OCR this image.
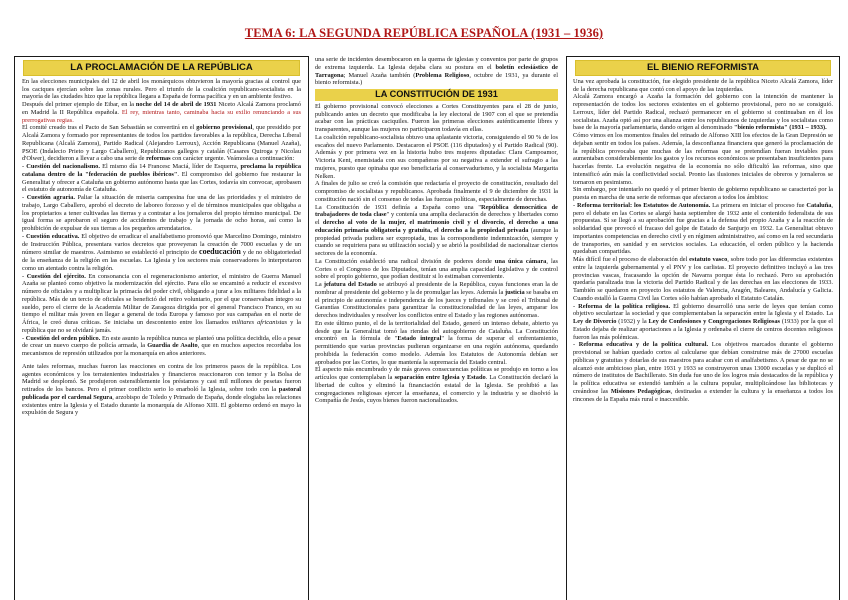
TEMA 6: LA SEGUNDA REPÚBLICA ESPAÑOLA (1931 – 1936)
LA PROCLAMACIÓN DE LA REPÚBLICA

En las elecciones municipales del 12 de abril los monárquicos obtuvieron la mayoría gracias al control que los caciques ejercían sobre las zonas rurales. Pero el triunfo de la coalición republicano-socialista en la mayoría de las ciudades hizo que la república llegara a España de forma pacífica y en un ambiente festivo.

Después del primer ejemplo de Eibar, en la noche del 14 de abril de 1931 Niceto Alcalá Zamora proclamó en Madrid la II República española. El rey, mientras tanto, caminaba hacia su exilio renunciando a sus prerrogativas regias.

El comité creado tras el Pacto de San Sebastián se convertirá en el gobierno provisional, que presidido por Alcalá Zamora y formado por representantes de todos los partidos favorables a la república, Derecha Liberal Republicana (Alcalá Zamora), Partido Radical (Alejandro Lerroux), Acción Republicana (Manuel Azaña), PSOE (Indalecio Prieto y Largo Caballero), Republicanos gallegos y catalán (Casares Quiroga y Nicolau d'Olwer), decidieron a llevar a cabo una serie de reformas con carácter urgente. Veámoslas a continuación:

- Cuestión del nacionalismo. El mismo día 14 Francesc Maciá, líder de Esquerra, proclama la república catalana dentro de la "federación de pueblos ibéricos". El compromiso del gobierno fue restaurar la Generalitat y ofrecer a Cataluña un gobierno autónomo hasta que las Cortes, todavía sin convocar, aprobasen el estatuto de autonomía de Cataluña.

- Cuestión agraria. Paliar la situación de miseria campesina fue una de las prioridades y el ministro de trabajo, Largo Caballero, aprobó el decreto de laboreo forzoso y el de términos municipales que obligaba a los propietarios a tener cultivadas las tierras y a contratar a los jornaleros del propio término municipal. De igual forma se aprobaron el seguro de accidentes de trabajo y la jornada de ocho horas, así como la prohibición de expulsar de sus tierras a los pequeños arrendatarios.

- Cuestión educativa. El objetivo de erradicar el analfabetismo promovió que Marcelino Domingo, ministro de Instrucción Pública, presentara varios decretos que proveyeran la creación de 7000 escuelas y de un número similar de maestros. Asimismo se estableció el principio de coeducación y de no obligatoriedad de la enseñanza de la religión en las escuelas. La Iglesia y los sectores más conservadores lo interpretaron como un atentado contra la religión.

- Cuestión del ejército. En consonancia con el regeneracionismo anterior, el ministro de Guerra Manuel Azaña se planteó como objetivo la modernización del ejército. Para ello se encaminó a reducir el excesivo número de oficiales y a multiplicar la primacía del poder civil, obligando a jurar a los militares fidelidad a la república. Más de un tercio de oficiales se benefició del retiro voluntario, por el que conservaban íntegro su sueldo, pero el cierre de la Academia Militar de Zaragoza dirigida por el general Francisco Franco, en su tiempo el militar más joven en llegar a general de toda Europa y famoso por sus campañas en el norte de África, le creó duras críticas. Se iniciaba un descontento entre los llamados militares africanistas y la república que no se olvidará jamás.

- Cuestión del orden público. En este asunto la república nunca se planteó una política decidida, ello a pesar de crear un nuevo cuerpo de policía armada, la Guardia de Asalto, que en muchos aspectos recordaba los mecanismos de represión utilizados por la monarquía en años anteriores.

Ante tales reformas, muchas fueron las reacciones en contra de los primeros pasos de la república. Los agentes económicos y los terratenientes industriales y financieros reaccionaron con temor y la Bolsa de Madrid se desplomó. Se produjeron ostensiblemente los préstamos y casi mil millones de pesetas fueron retirados de los bancos. Pero el primer conflicto serio lo enarboló la Iglesia, sobre todo con la pastoral publicada por el cardenal Segura, arzobispo de Toledo y Primado de España, donde elogiaba las relaciones existentes entre la Iglesia y el Estado durante la monarquía de Alfonso XIII. El gobierno ordenó en mayo la expulsión de Segura y

una serie de incidentes desembocaron en la quema de iglesias y conventos por parte de grupos de extrema izquierda. La Iglesia dejaba clara su postura en el boletín eclesiástico de Tarragona; Manuel Azaña también (Problema Religioso, octubre de 1931, ya durante el bienio reformista.)

LA CONSTITUCIÓN DE 1931

El gobierno provisional convocó elecciones a Cortes Constituyentes para el 28 de junio, publicando antes un decreto que modificaba la ley electoral de 1907 con el que se pretendía acabar con las prácticas caciquiles. Fueron las primeras elecciones auténticamente libres y transparentes, aunque las mujeres no participaron todavía en ellas.

La coalición republicano-socialista obtuvo una aplastante victoria, consiguiendo el 90 % de los escaños del nuevo Parlamento. Destacaron el PSOE (116 diputados) y el Partido Radical (90). Además y por primera vez en la historia hubo tres mujeres diputadas: Clara Campoamor, Victoria Kent, enemistada con sus compañeras por su negativa a extender el sufragio a las mujeres, puesto que opinaba que eso beneficiaría al conservadurismo, y la socialista Margarita Nelken.

A finales de julio se creó la comisión que redactaría el proyecto de constitución, resultado del compromiso de socialistas y republicanos. Aprobada finalmente el 9 de diciembre de 1931 la constitución nació sin el consenso de todas las fuerzas políticas, especialmente de derechas.

La Constitución de 1931 definía a España como una "República democrática de trabajadores de toda clase" y contenía una amplia declaración de derechos y libertades como el derecho al voto de la mujer, el matrimonio civil y el divorcio, el derecho a una educación primaria obligatoria y gratuita, el derecho a la propiedad privada (aunque la propiedad privada pudiera ser expropiada, tras la correspondiente indemnización, siempre y cuando se requiriera para su utilización social) y se abrió la posibilidad de nacionalizar ciertos sectores de la economía.

La Constitución estableció una radical división de poderes donde una única cámara, las Cortes o el Congreso de los Diputados, tenían una amplia capacidad legislativa y de control sobre el propio gobierno, que podían destituir si lo estimaban conveniente.

La jefatura del Estado se atribuyó al presidente de la República, cuyas funciones eran la de nombrar al presidente del gobierno y la de promulgar las leyes. Además la justicia se basaba en el principio de autonomía e independencia de los jueces y tribunales y se creó el Tribunal de Garantías Constitucionales para garantizar la constitucionalidad de las leyes, amparar los derechos individuales y resolver los conflictos entre el Estado y las regiones autónomas.

En este último punto, el de la territorialidad del Estado, generó un intenso debate, abierto ya desde que la Generalitat tomó las riendas del autogobierno de Cataluña. La Constitución encontró en la fórmula de "Estado integral" la forma de superar el enfrentamiento, permitiendo que varias provincias pudieran organizarse en una región autónoma, quedando prohibida la federación como modelo. Además los Estatutos de Autonomía debían ser aprobados por las Cortes, lo que mantenía la supremacía del Estado central.

El aspecto más encumbrado y de más graves consecuencias políticas se produjo en torno a los artículos que contemplaban la separación entre Iglesia y Estado. La Constitución declaró la libertad de cultos y eliminó la financiación estatal de la Iglesia. Se prohibió a las congregaciones religiosas ejercer la enseñanza, el comercio y la industria y se disolvió la Compañía de Jesús, cuyos bienes fueron nacionalizados.

EL BIENIO REFORMISTA

Una vez aprobada la constitución, fue elegido presidente de la república Niceto Alcalá Zamora, líder de la derecha republicana que contó con el apoyo de las izquierdas.

Alcalá Zamora encargó a Azaña la formación del gobierno con la intención de mantener la representación de todos los sectores existentes en el gobierno provisional, pero no se consiguió. Lerroux, líder del Partido Radical, rechazó permanecer en el gobierno si continuaban en él los socialistas. Azaña optó así por una alianza entre los republicanos de izquierdas y los socialistas como base de la mayoría parlamentaria, dando origen al denominado "bienio reformista" (1931 – 1933).

Cómo vimos en los momentos finales del reinado de Alfonso XIII los efectos de la Gran Depresión se dejaban sentir en todos los países. Además, la desconfianza financiera que generó la proclamación de la república provocaba que muchas de las reformas que se pretendían fueran inviables pues aumentaban considerablemente los gastos y los recursos económicos se presentaban insuficientes para hacerlas frente. La evolución negativa de la economía no sólo dificultó las reformas, sino que intensificó aún más la conflictividad social. Pronto las ilusiones iniciales de obreros y jornaleros se tornaron en pesimismo.

Sin embargo, por intentarlo no quedó y el primer bienio de gobierno republicano se caracterizó por la puesta en marcha de una serie de reformas que afectaron a todos los ámbitos:

- Reforma territorial: los Estatutos de Autonomía. La primera en iniciar el proceso fue Cataluña, pero el debate en las Cortes se alargó hasta septiembre de 1932 ante el contenido federalista de sus propuestas. Sí se llegó a su aprobación fue gracias a la defensa del propio Azaña y a la reacción de solidaridad que provocó el fracaso del golpe de Estado de Sanjurjo en 1932. La Generalitat obtuvo importantes competencias en derecho civil y en régimen administrativo, así como en la red secundaria de transportes, en sanidad y en servicios sociales. La educación, el orden público y la hacienda quedaban compartidas.

Más difícil fue el proceso de elaboración del estatuto vasco, sobre todo por las diferencias existentes entre la izquierda gubernamental y el PNV y los carlistas. El proyecto definitivo incluyó a las tres provincias vascas, fracasando la opción de Navarra porque ésta lo rechazó. Pero su aprobación quedaría paralizada tras la victoria del Partido Radical y de las derechas en las elecciones de 1933. También se quedaron en proyecto los estatutos de Valencia, Aragón, Baleares, Andalucía y Galicia. Cuando estalló la Guerra Civil las Cortes sólo habían aprobado el Estatuto Catalán.

- Reforma de la política religiosa. El gobierno desarrolló una serie de leyes que tenían como objetivo secularizar la sociedad y que complementaban la separación entre la Iglesia y el Estado. La Ley de Divorcio (1932) y la Ley de Confesiones y Congregaciones Religiosas (1933) por la que el Estado dejaba de realizar aportaciones a la Iglesia y ordenaba el cierre de centros docentes religiosos fueron las más polémicas.

- Reforma educativa y de la política cultural. Los objetivos marcados durante el gobierno provisional se habían quedado cortos al calcularse que debían construirse más de 27000 escuelas públicas y gratuitas y dotarlas de sus maestros para acabar con el analfabetismo. A pesar de que no se alcanzó este ambicioso plan, entre 1931 y 1933 se construyeron unas 13000 escuelas y se duplicó el número de institutos de Bachillerato. Sin duda fue uno de los logros más destacados de la república y la política educativa se extendió también a la cultura popular, multiplicándose las bibliotecas y creándose las Misiones Pedagógicas, destinadas a extender la cultura y la enseñanza a todos los rincones de la España más rural e inaccesible.
